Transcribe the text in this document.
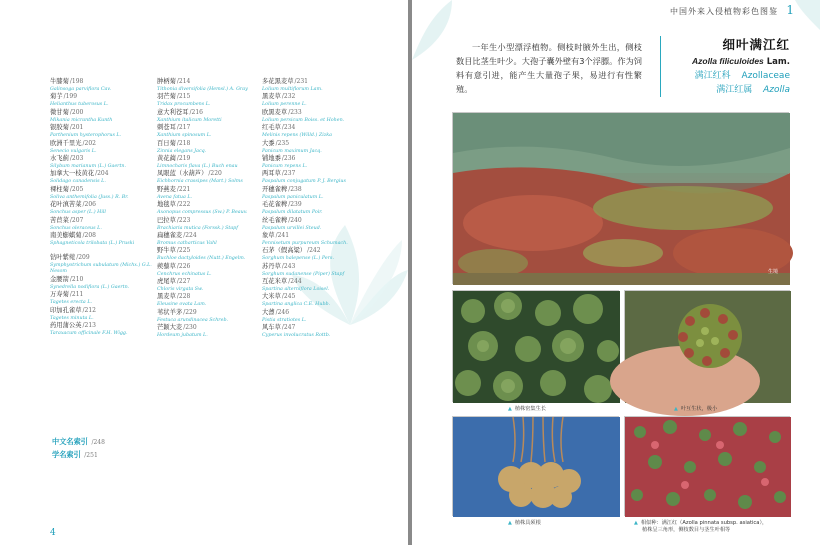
牛膝菊/198
Galinsoga parviflora Cav.
菊芋/199
Helianthus tuberosus L.
微甘菊/200
Mikania micrantha Kunth
银胶菊/201
Parthenium hysterophorus L.
欧洲千里光/202
Senecio vulgaris L.
水飞蓟/203
Silybum marianum (L.) Gaertn.
加拿大一枝黄花/204
Solidago canadensis L.
裸柱菊/205
Soliva anthemifolia (Juss.) R. Br.
花叶滇苦菜/206
Sonchus asper (L.) Hill
苦苣菜/207
Sonchus oleraceus L.
南美蟛蜞菊/208
Sphagneticola trilobata (L.) Pruski
钻叶紫菀/209
Symphyotrichum subulatum (Michx.) G.L. Nesom
金腰箭/210
Synedrella nodiflora (L.) Gaertn.
万寿菊/211
Tagetes erecta L.
印加孔雀草/212
Tagetes minuta L.
药用蒲公英/213
Taraxacum officinale F.H. Wigg.
肿柄菊/214
Tithonia diversifolia (Hemsl.) A. Gray
羽芒菊/215
Tridax procumbens L.
意大利苍耳/216
Xanthium italicum Moretti
刺苍耳/217
Xanthium spinosum L.
百日菊/218
Zinnia elegans Jacq.
黄花蔺/219
Limnocharis flava (L.) Buch enau
凤眼蓝（水葫芦）/220
Eichhornia crassipes (Mart.) Solms
野燕麦/221
Avena fatua L.
地毯草/222
Axonopus compressus (Sw.) P. Beauv.
巴拉草/223
Brachiaria mutica (Forssk.) Stapf
扁穗雀麦/224
Bromus catharticus Vahl
野牛草/225
Buchloe dactyloides (Nutt.) Engelm.
蒺藜草/226
Cenchrus echinatus L.
虎尾草/227
Chloris virgata Sw.
黑麦草/228
Eleusine ovata Lam.
苇状羊茅/229
Festuca arundinacea Schreb.
芒颖大麦/230
Hordeum jubatum L.
多花黑麦草/231
Lolium multiflorum Lam.
黑麦草/232
Lolium perenne L.
欧黑麦草/233
Lolium persicum Boiss. et Hohen.
红毛草/234
Melinis repens (Willd.) Zizka
大黍/235
Panicum maximum Jacq.
铺地黍/236
Panicum repens L.
两耳草/237
Paspalum conjugatum P. J. Bergius
开穗雀稗/238
Paspalum paniculatum L.
毛花雀稗/239
Paspalum dilatatum Poir.
丝毛雀稗/240
Paspalum urvillei Steud.
象草/241
Pennisetum purpureum Schumach.
石茅（假高粱）/242
Sorghum halepense (L.) Pers.
苏丹草/243
Sorghum sudanense (Piper) Stapf
互花米草/244
Spartina alterniflora Loisel.
大米草/245
Spartina anglica C.E. Hubb.
大薸/246
Pistia stratiotes L.
风车草/247
Cyperus involucratus Rottb.
中文名索引 /248
学名索引 /251
4
中国外来入侵植物彩色图鉴 1
一年生小型漂浮植物。侧枝时腋外生出，侧枝数目比茎生叶少。大孢子囊外壁有3个浮膘。作为饲料有意引进，能产生大量孢子果，易进行有性繁殖。
细叶满江红
Azolla filiculoides Lam.
满江红科 Azollaceae
满江红属 Azolla
生境
▲ 植株密集生长	▲ 叶互生状，极小
▲ 植株具须根	▲ 相似种：满江红（Azolla pinnata subsp. asiatica），
植株呈三角形，侧枝数目与茎生叶相等
